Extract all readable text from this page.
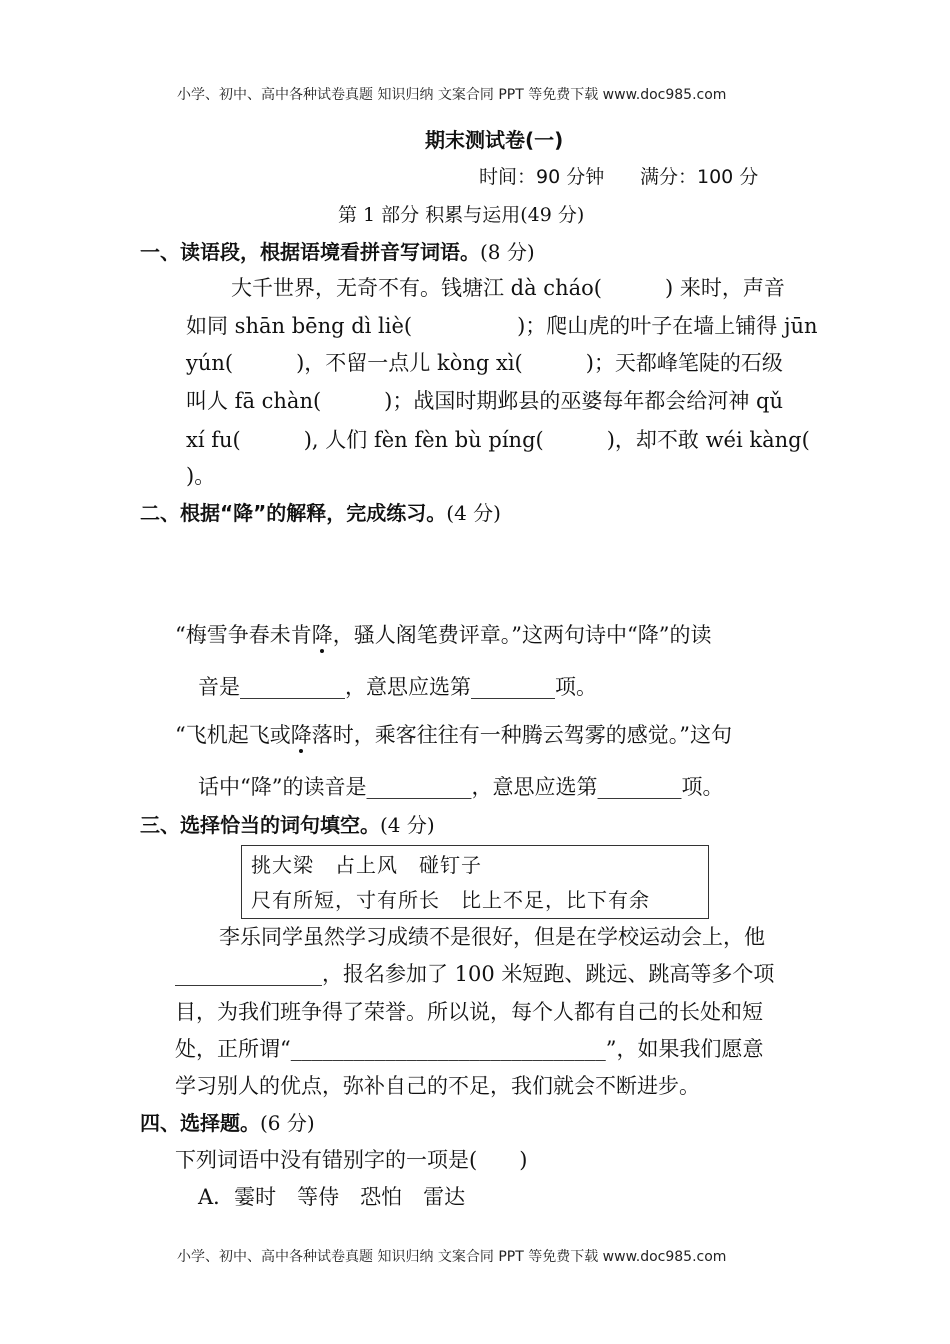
小学、初中、高中各种试卷真题 知识归纳 文案合同 PPT 等免费下载 www.doc985.com
期末测试卷(一)
时间：90 分钟 满分：100 分
第 1 部分 积累与运用(49 分)
一、读语段，根据语境看拼音写词语。(8 分)
大千世界，无奇不有。钱塘江 dà cháo(　　　) 来时，声音
如同 shān bēng dì liè(　　　　　)；爬山虎的叶子在墙上铺得 jūn
yún(　　　)，不留一点儿 kòng xì(　　　)；天都峰笔陡的石级
叫人 fā chàn(　　　)；战国时期邺县的巫婆每年都会给河神 qǔ
xí fu(　　　), 人们 fèn fèn bù píng(　　　)，却不敢 wéi kàng(
)。
二、根据“降”的解释，完成练习。(4 分)
“梅雪争春未肯降，骚人阁笔费评章。”这两句诗中“降”的读
音是__________，意思应选第________项。
“飞机起飞或降落时，乘客往往有一种腾云驾雾的感觉。”这句
话中“降”的读音是__________，意思应选第________项。
三、选择恰当的词句填空。(4 分)
挑大梁　占上风　碰钉子
尺有所短，寸有所长　比上不足，比下有余
李乐同学虽然学习成绩不是很好，但是在学校运动会上，他
______________，报名参加了 100 米短跑、跳远、跳高等多个项
目，为我们班争得了荣誉。所以说，每个人都有自己的长处和短
处，正所谓“______________________________”，如果我们愿意
学习别人的优点，弥补自己的不足，我们就会不断进步。
四、选择题。(6 分)
下列词语中没有错别字的一项是(　　)
A．霎时　等侍　恐怕　雷达
小学、初中、高中各种试卷真题 知识归纳 文案合同 PPT 等免费下载 www.doc985.com
